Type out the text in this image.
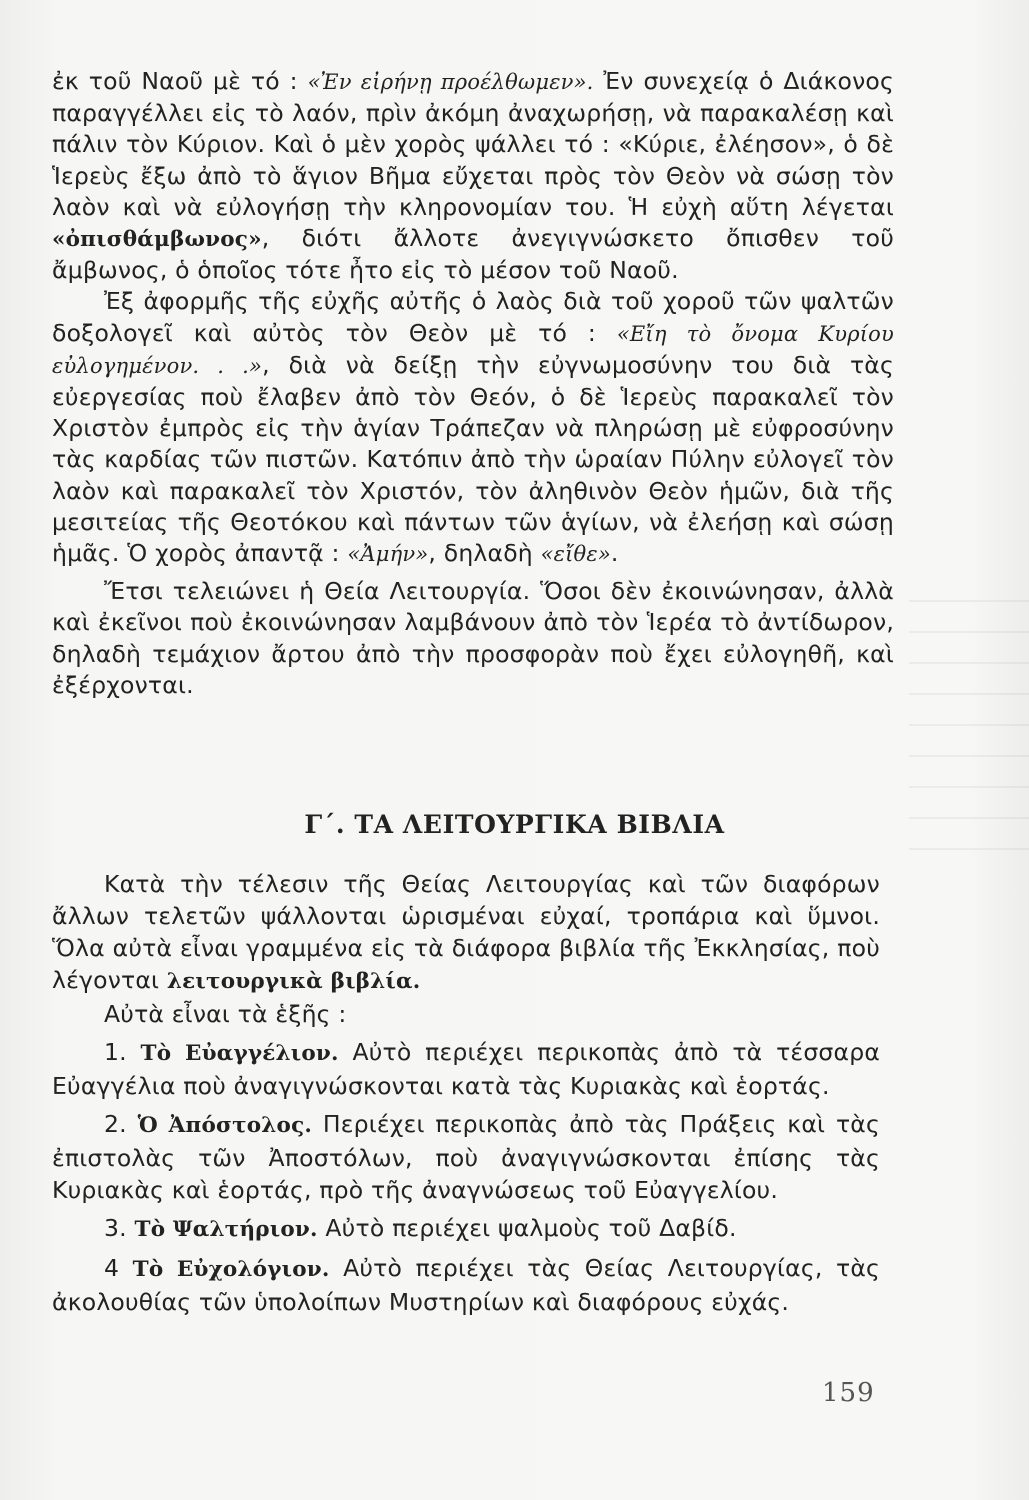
ἐκ τοῦ Ναοῦ μὲ τό : «Ἐν εἰρήνῃ προέλθωμεν». Ἐν συνεχείᾳ ὁ Διάκονος παραγγέλλει εἰς τὸ λαόν, πρὶν ἀκόμη ἀναχωρήσῃ, νὰ παρακαλέσῃ καὶ πάλιν τὸν Κύριον. Καὶ ὁ μὲν χορὸς ψάλλει τό : «Κύριε, ἐλέησον», ὁ δὲ Ἱερεὺς ἔξω ἀπὸ τὸ ἅγιον Βῆμα εὔχεται πρὸς τὸν Θεὸν νὰ σώσῃ τὸν λαὸν καὶ νὰ εὐλογήσῃ τὴν κληρονομίαν του. Ἡ εὐχὴ αὕτη λέγεται «ὀπισθάμβωνος», διότι ἄλλοτε ἀνεγιγνώσκετο ὄπισθεν τοῦ ἄμβωνος, ὁ ὁποῖος τότε ἦτο εἰς τὸ μέσον τοῦ Ναοῦ.

Ἐξ ἀφορμῆς τῆς εὐχῆς αὐτῆς ὁ λαὸς διὰ τοῦ χοροῦ τῶν ψαλτῶν δοξολογεῖ καὶ αὐτὸς τὸν Θεὸν μὲ τό : «Εἴη τὸ ὄνομα Κυρίου εὐλογημένον. . .», διὰ νὰ δείξῃ τὴν εὐγνωμοσύνην του διὰ τὰς εὐεργεσίας ποὺ ἔλαβεν ἀπὸ τὸν Θεόν, ὁ δὲ Ἱερεὺς παρακαλεῖ τὸν Χριστὸν ἐμπρὸς εἰς τὴν ἁγίαν Τράπεζαν νὰ πληρώσῃ μὲ εὐφροσύνην τὰς καρδίας τῶν πιστῶν. Κατόπιν ἀπὸ τὴν ὡραίαν Πύλην εὐλογεῖ τὸν λαὸν καὶ παρακαλεῖ τὸν Χριστόν, τὸν ἀληθινὸν Θεὸν ἡμῶν, διὰ τῆς μεσιτείας τῆς Θεοτόκου καὶ πάντων τῶν ἁγίων, νὰ ἐλεήσῃ καὶ σώσῃ ἡμᾶς. Ὁ χορὸς ἀπαντᾷ : «Ἀμήν», δηλαδὴ «εἴθε».

Ἔτσι τελειώνει ἡ Θεία Λειτουργία. Ὅσοι δὲν ἐκοινώνησαν, ἀλλὰ καὶ ἐκεῖνοι ποὺ ἐκοινώνησαν λαμβάνουν ἀπὸ τὸν Ἱερέα τὸ ἀντίδωρον, δηλαδὴ τεμάχιον ἄρτου ἀπὸ τὴν προσφορὰν ποὺ ἔχει εὐλογηθῆ, καὶ ἐξέρχονται.

Γ΄. ΤΑ ΛΕΙΤΟΥΡΓΙΚΑ ΒΙΒΛΙΑ

Κατὰ τὴν τέλεσιν τῆς Θείας Λειτουργίας καὶ τῶν διαφόρων ἄλλων τελετῶν ψάλλονται ὡρισμέναι εὐχαί, τροπάρια καὶ ὕμνοι. Ὅλα αὐτὰ εἶναι γραμμένα εἰς τὰ διάφορα βιβλία τῆς Ἐκκλησίας, ποὺ λέγονται λειτουργικὰ βιβλία.

Αὐτὰ εἶναι τὰ ἑξῆς :

1. Τὸ Εὐαγγέλιον. Αὐτὸ περιέχει περικοπὰς ἀπὸ τὰ τέσσαρα Εὐαγγέλια ποὺ ἀναγιγνώσκονται κατὰ τὰς Κυριακὰς καὶ ἑορτάς.

2. Ὁ Ἀπόστολος. Περιέχει περικοπὰς ἀπὸ τὰς Πράξεις καὶ τὰς ἐπιστολὰς τῶν Ἀποστόλων, ποὺ ἀναγιγνώσκονται ἐπίσης τὰς Κυριακὰς καὶ ἑορτάς, πρὸ τῆς ἀναγνώσεως τοῦ Εὐαγγελίου.

3. Τὸ Ψαλτήριον. Αὐτὸ περιέχει ψαλμοὺς τοῦ Δαβίδ.

4 Τὸ Εὐχολόγιον. Αὐτὸ περιέχει τὰς Θείας Λειτουργίας, τὰς ἀκολουθίας τῶν ὑπολοίπων Μυστηρίων καὶ διαφόρους εὐχάς.

159
